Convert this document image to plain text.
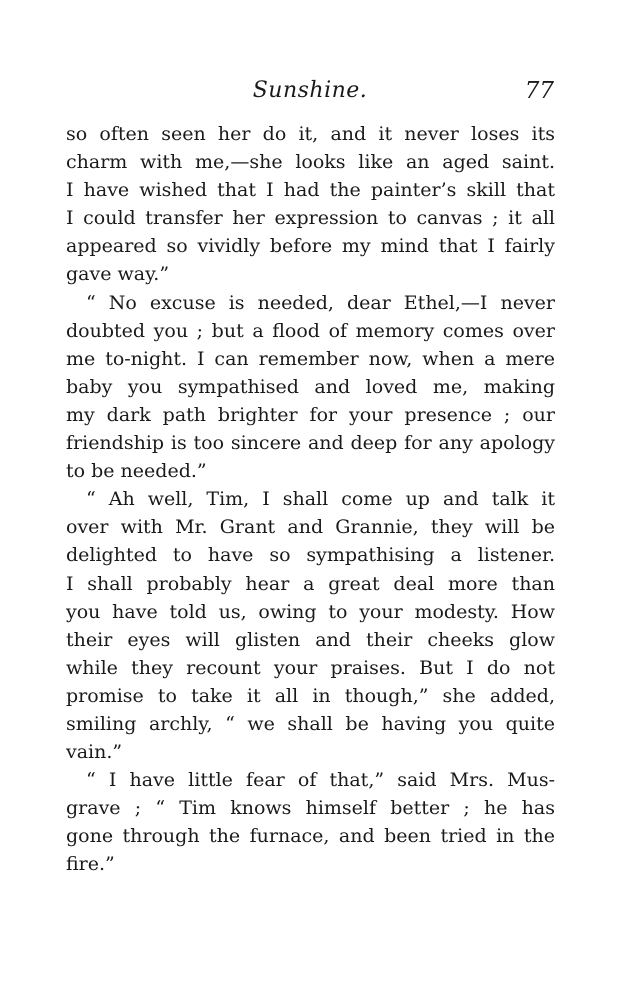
Sunshine.	77
so often seen her do it, and it never loses its
charm with me,—she looks like an aged saint.
I have wished that I had the painter’s skill that
I could transfer her expression to canvas ; it all
appeared so vividly before my mind that I fairly
gave way.”
“ No excuse is needed, dear Ethel,—I never
doubted you ; but a flood of memory comes over
me to-night. I can remember now, when a mere
baby you sympathised and loved me, making
my dark path brighter for your presence ; our
friendship is too sincere and deep for any apology
to be needed.”
“ Ah well, Tim, I shall come up and talk it
over with Mr. Grant and Grannie, they will be
delighted to have so sympathising a listener.
I shall probably hear a great deal more than
you have told us, owing to your modesty. How
their eyes will glisten and their cheeks glow
while they recount your praises. But I do not
promise to take it all in though,” she added,
smiling archly, “ we shall be having you quite
vain.”
“ I have little fear of that,” said Mrs. Mus-
grave ; “ Tim knows himself better ; he has
gone through the furnace, and been tried in the
fire.”
